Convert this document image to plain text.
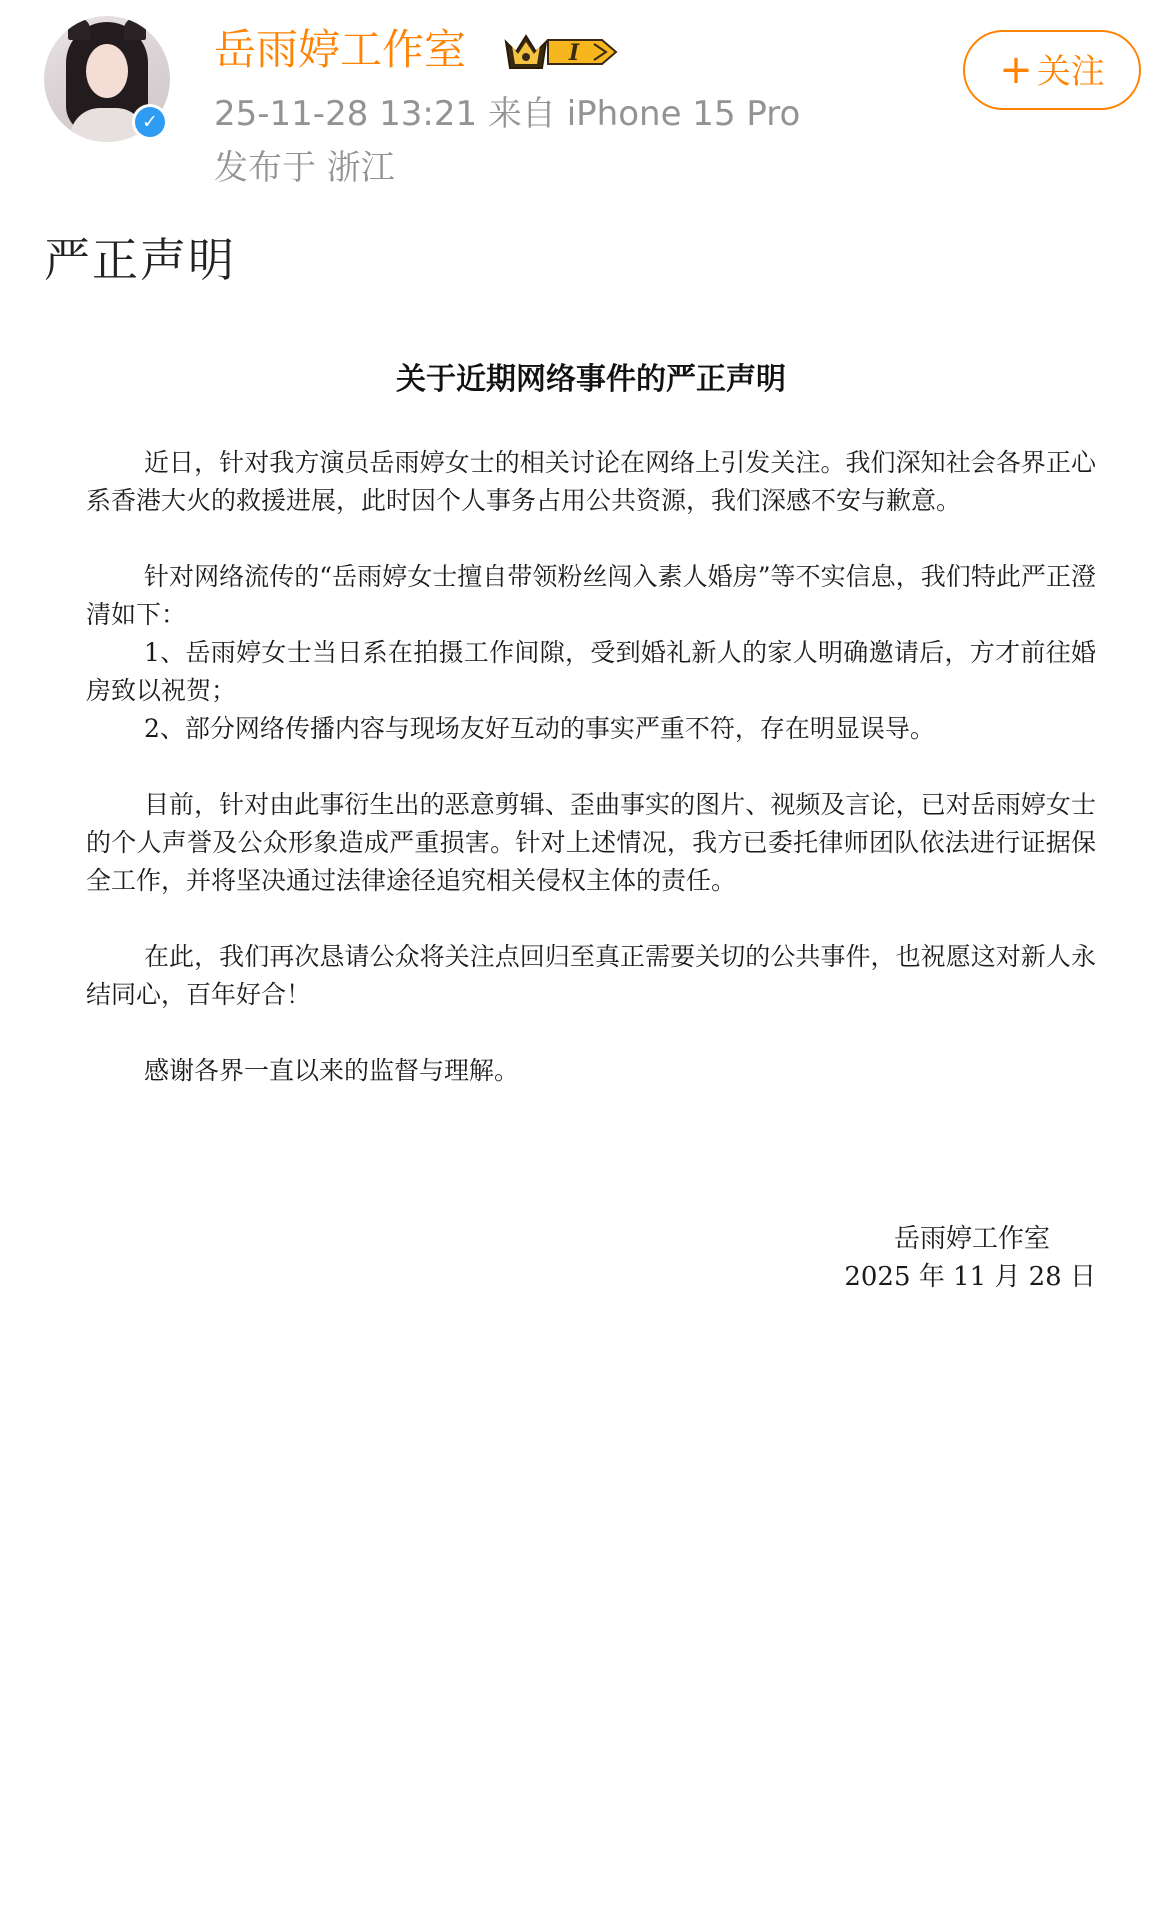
✓
岳雨婷工作室	I
25-11-28 13:21 来自 iPhone 15 Pro
发布于 浙江
+ 关注
严正声明
关于近期网络事件的严正声明

近日，针对我方演员岳雨婷女士的相关讨论在网络上引发关注。我们深知社会各界正心系香港大火的救援进展，此时因个人事务占用公共资源，我们深感不安与歉意。

针对网络流传的“岳雨婷女士擅自带领粉丝闯入素人婚房”等不实信息，我们特此严正澄清如下：

1、岳雨婷女士当日系在拍摄工作间隙，受到婚礼新人的家人明确邀请后，方才前往婚房致以祝贺；

2、部分网络传播内容与现场友好互动的事实严重不符，存在明显误导。

目前，针对由此事衍生出的恶意剪辑、歪曲事实的图片、视频及言论，已对岳雨婷女士的个人声誉及公众形象造成严重损害。针对上述情况，我方已委托律师团队依法进行证据保全工作，并将坚决通过法律途径追究相关侵权主体的责任。

在此，我们再次恳请公众将关注点回归至真正需要关切的公共事件，也祝愿这对新人永结同心，百年好合！

感谢各界一直以来的监督与理解。

岳雨婷工作室
2025 年 11 月 28 日
